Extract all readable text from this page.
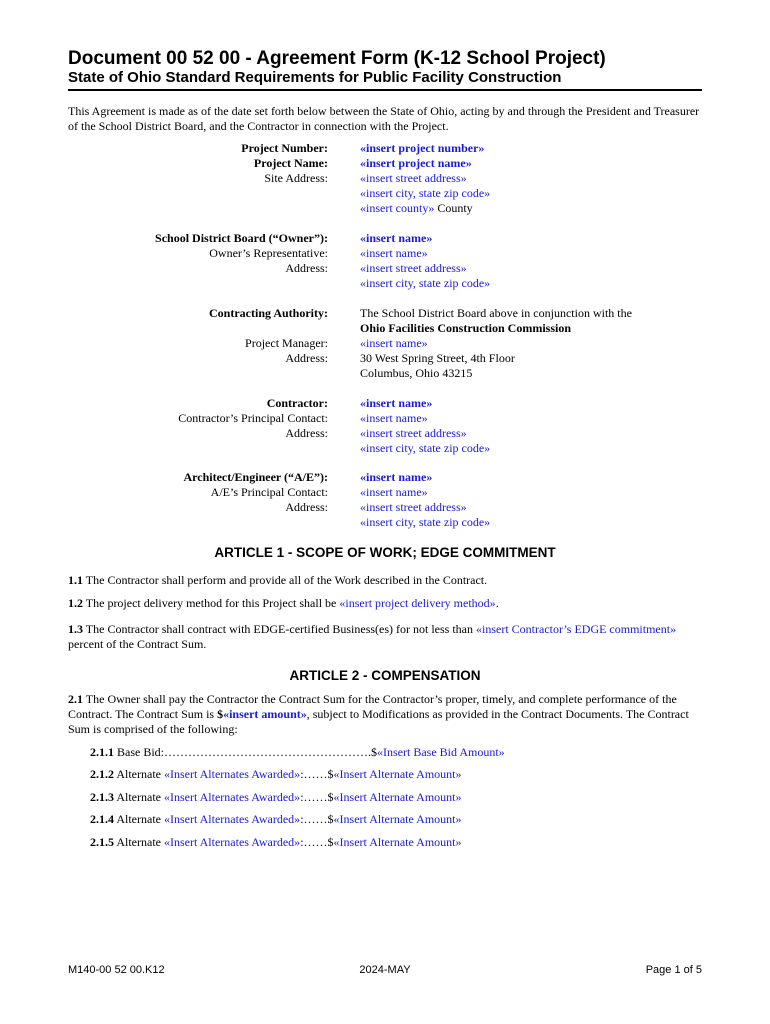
Document 00 52 00 - Agreement Form (K-12 School Project)
State of Ohio Standard Requirements for Public Facility Construction

This Agreement is made as of the date set forth below between the State of Ohio, acting by and through the President and Treasurer of the School District Board, and the Contractor in connection with the Project.

Project Number:	«insert project number»
Project Name:	«insert project name»
Site Address:	«insert street address»
«insert city, state zip code»
«insert county» County
School District Board (“Owner”):	«insert name»
Owner’s Representative:	«insert name»
Address:	«insert street address»
«insert city, state zip code»
Contracting Authority:	The School District Board above in conjunction with the
Ohio Facilities Construction Commission
Project Manager:	«insert name»
Address:	30 West Spring Street, 4th Floor
Columbus, Ohio 43215
Contractor:	«insert name»
Contractor’s Principal Contact:	«insert name»
Address:	«insert street address»
«insert city, state zip code»
Architect/Engineer (“A/E”):	«insert name»
A/E’s Principal Contact:	«insert name»
Address:	«insert street address»
«insert city, state zip code»
ARTICLE 1 - SCOPE OF WORK; EDGE COMMITMENT

1.1 The Contractor shall perform and provide all of the Work described in the Contract.

1.2 The project delivery method for this Project shall be «insert project delivery method».

1.3 The Contractor shall contract with EDGE-certified Business(es) for not less than «insert Contractor’s EDGE commitment» percent of the Contract Sum.

ARTICLE 2 - COMPENSATION

2.1 The Owner shall pay the Contractor the Contract Sum for the Contractor’s proper, timely, and complete performance of the Contract. The Contract Sum is $«insert amount», subject to Modifications as provided in the Contract Documents. The Contract Sum is comprised of the following:

2.1.1 Base Bid:…………………………………………….$«Insert Base Bid Amount»

2.1.2 Alternate «Insert Alternates Awarded»:……$«Insert Alternate Amount»

2.1.3 Alternate «Insert Alternates Awarded»:……$«Insert Alternate Amount»

2.1.4 Alternate «Insert Alternates Awarded»:……$«Insert Alternate Amount»

2.1.5 Alternate «Insert Alternates Awarded»:……$«Insert Alternate Amount»

M140-00 52 00.K12	2024-MAY	Page 1 of 5
